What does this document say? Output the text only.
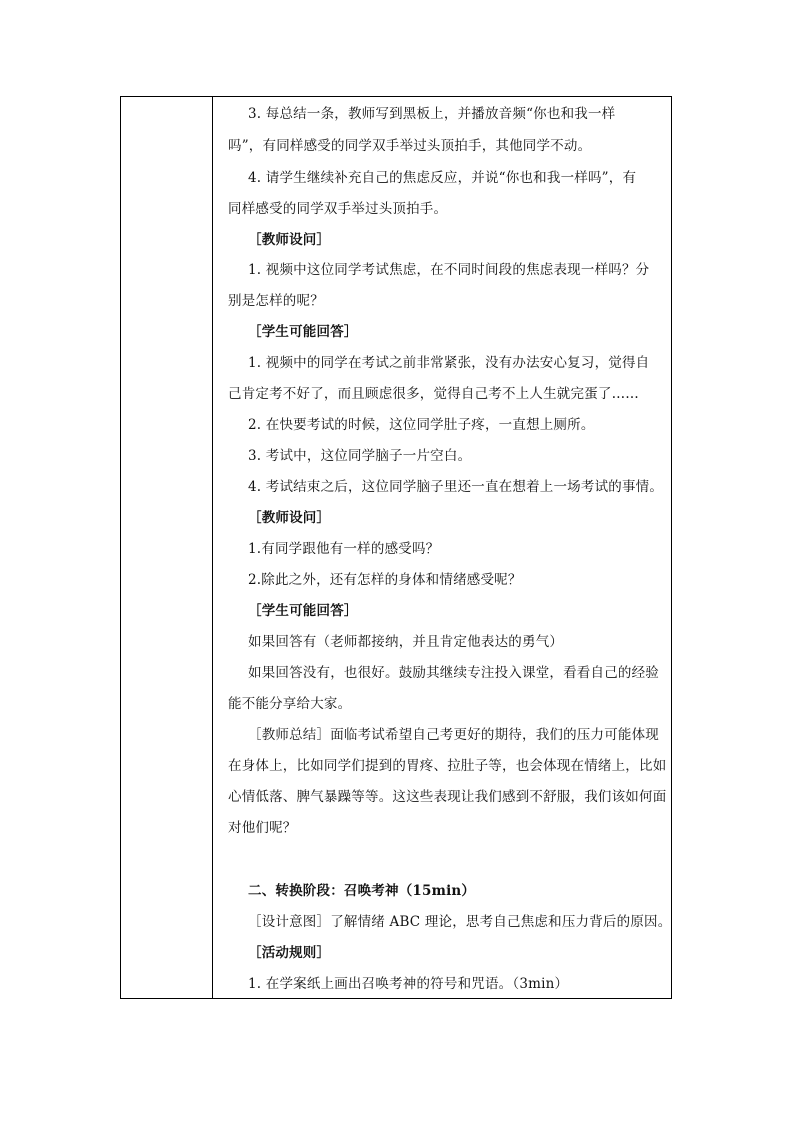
3. 每总结一条，教师写到黑板上，并播放音频“你也和我一样
吗”，有同样感受的同学双手举过头顶拍手，其他同学不动。
4. 请学生继续补充自己的焦虑反应，并说“你也和我一样吗”，有
同样感受的同学双手举过头顶拍手。
［教师设问］
1. 视频中这位同学考试焦虑，在不同时间段的焦虑表现一样吗？分
别是怎样的呢？
［学生可能回答］
1. 视频中的同学在考试之前非常紧张，没有办法安心复习，觉得自
己肯定考不好了，而且顾虑很多，觉得自己考不上人生就完蛋了……
2. 在快要考试的时候，这位同学肚子疼，一直想上厕所。
3. 考试中，这位同学脑子一片空白。
4. 考试结束之后，这位同学脑子里还一直在想着上一场考试的事情。
［教师设问］
1.有同学跟他有一样的感受吗？
2.除此之外，还有怎样的身体和情绪感受呢？
［学生可能回答］
如果回答有（老师都接纳，并且肯定他表达的勇气）
如果回答没有，也很好。鼓励其继续专注投入课堂，看看自己的经验
能不能分享给大家。
［教师总结］面临考试希望自己考更好的期待，我们的压力可能体现
在身体上，比如同学们提到的胃疼、拉肚子等，也会体现在情绪上，比如
心情低落、脾气暴躁等等。这这些表现让我们感到不舒服，我们该如何面
对他们呢？
二、转换阶段：召唤考神（15min）
［设计意图］了解情绪 ABC 理论，思考自己焦虑和压力背后的原因。
［活动规则］
1. 在学案纸上画出召唤考神的符号和咒语。（3min）
